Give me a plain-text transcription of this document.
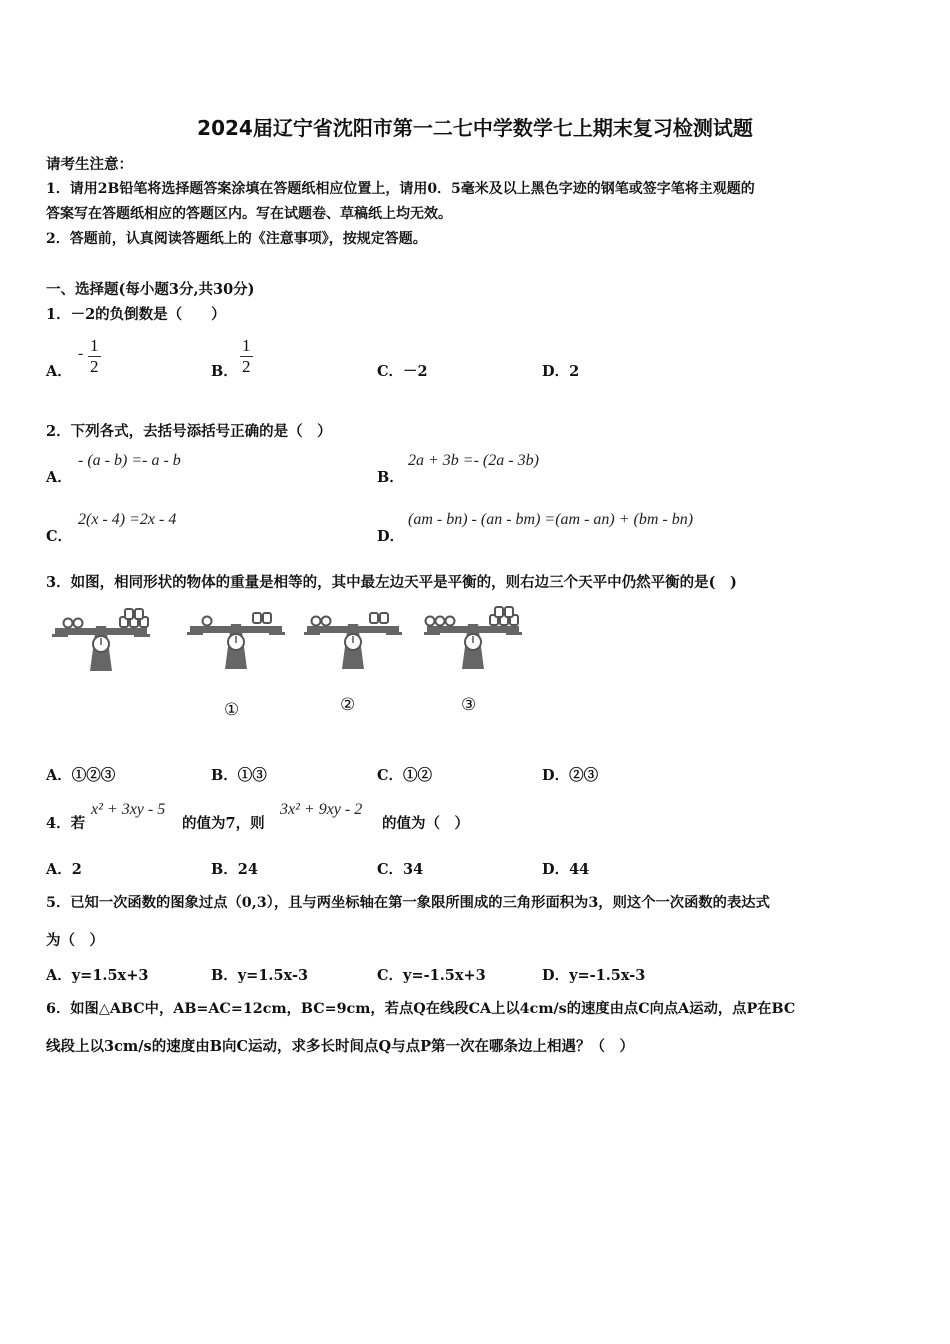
2024届辽宁省沈阳市第一二七中学数学七上期末复习检测试题
请考生注意：
1．请用2B铅笔将选择题答案涂填在答题纸相应位置上，请用0．5毫米及以上黑色字迹的钢笔或签字笔将主观题的
答案写在答题纸相应的答题区内。写在试题卷、草稿纸上均无效。
2．答题前，认真阅读答题纸上的《注意事项》，按规定答题。
一、选择题(每小题3分,共30分)
1．－2的负倒数是（　　）
A．
- $\frac{1}{2}$	B． $\frac{1}{2}$	C．－2	D．2
2．下列各式，去括号添括号正确的是（　）
A．
- (a - b) =- a - b
B．
2a + 3b =- (2a - 3b)
C．
2(x - 4) =2x - 4
D．
(am - bn) - (an - bm) =(am - an) + (bm - bn)
3．如图，相同形状的物体的重量是相等的，其中最左边天平是平衡的，则右边三个天平中仍然平衡的是(　)
①	②	③
A．①②③	B．①③	C．①②	D．②③
4．若
x² + 3xy - 5
的值为7，则
3x² + 9xy - 2
的值为（　）
A．2	B．24	C．34	D．44
5．已知一次函数的图象过点（0,3），且与两坐标轴在第一象限所围成的三角形面积为3，则这个一次函数的表达式
为（　）
A．y=1.5x+3	B．y=1.5x-3	C．y=-1.5x+3	D．y=-1.5x-3
6．如图△ABC中，AB=AC=12cm，BC=9cm，若点Q在线段CA上以4cm/s的速度由点C向点A运动，点P在BC
线段上以3cm/s的速度由B向C运动，求多长时间点Q与点P第一次在哪条边上相遇？（　）
